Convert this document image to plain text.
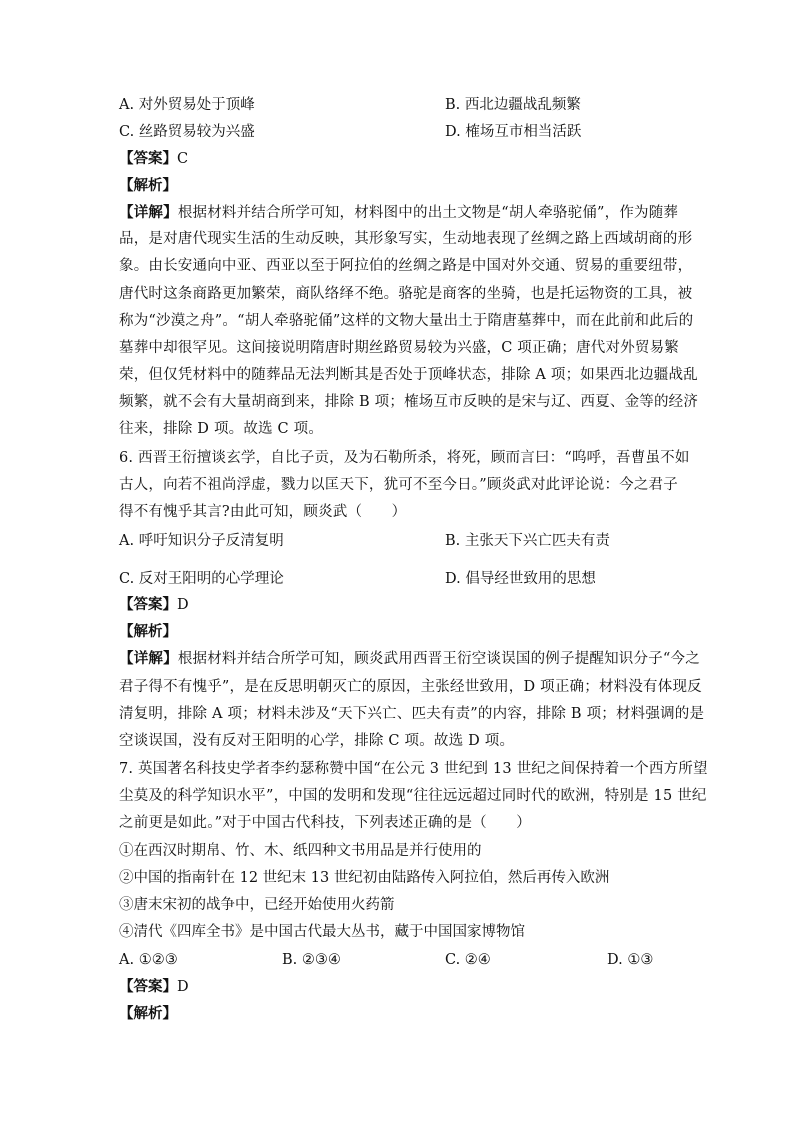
A. 对外贸易处于顶峰	B. 西北边疆战乱频繁
C. 丝路贸易较为兴盛	D. 榷场互市相当活跃
【答案】C
【解析】
【详解】根据材料并结合所学可知，材料图中的出土文物是“胡人牵骆驼俑”，作为随葬
品，是对唐代现实生活的生动反映，其形象写实，生动地表现了丝绸之路上西域胡商的形
象。由长安通向中亚、西亚以至于阿拉伯的丝绸之路是中国对外交通、贸易的重要纽带，
唐代时这条商路更加繁荣，商队络绎不绝。骆驼是商客的坐骑，也是托运物资的工具，被
称为“沙漠之舟”。“胡人牵骆驼俑”这样的文物大量出土于隋唐墓葬中，而在此前和此后的
墓葬中却很罕见。这间接说明隋唐时期丝路贸易较为兴盛，C 项正确；唐代对外贸易繁
荣，但仅凭材料中的随葬品无法判断其是否处于顶峰状态，排除 A 项；如果西北边疆战乱
频繁，就不会有大量胡商到来，排除 B 项；榷场互市反映的是宋与辽、西夏、金等的经济
往来，排除 D 项。故选 C 项。
6. 西晋王衍擅谈玄学，自比子贡，及为石勒所杀，将死，顾而言曰：“呜呼，吾曹虽不如
古人，向若不祖尚浮虚，戮力以匡天下，犹可不至今日。”顾炎武对此评论说：今之君子
得不有愧乎其言?由此可知，顾炎武（　　）
A. 呼吁知识分子反清复明	B. 主张天下兴亡匹夫有责
C. 反对王阳明的心学理论	D. 倡导经世致用的思想
【答案】D
【解析】
【详解】根据材料并结合所学可知，顾炎武用西晋王衍空谈误国的例子提醒知识分子“今之
君子得不有愧乎”，是在反思明朝灭亡的原因，主张经世致用，D 项正确；材料没有体现反
清复明，排除 A 项；材料未涉及“天下兴亡、匹夫有责”的内容，排除 B 项；材料强调的是
空谈误国，没有反对王阳明的心学，排除 C 项。故选 D 项。
7. 英国著名科技史学者李约瑟称赞中国“在公元 3 世纪到 13 世纪之间保持着一个西方所望
尘莫及的科学知识水平”，中国的发明和发现“往往远远超过同时代的欧洲，特别是 15 世纪
之前更是如此。”对于中国古代科技，下列表述正确的是（　　）
①在西汉时期帛、竹、木、纸四种文书用品是并行使用的
②中国的指南针在 12 世纪末 13 世纪初由陆路传入阿拉伯，然后再传入欧洲
③唐末宋初的战争中，已经开始使用火药箭
④清代《四库全书》是中国古代最大丛书，藏于中国国家博物馆
A. ①②③	B. ②③④	C. ②④	D. ①③
【答案】D
【解析】
